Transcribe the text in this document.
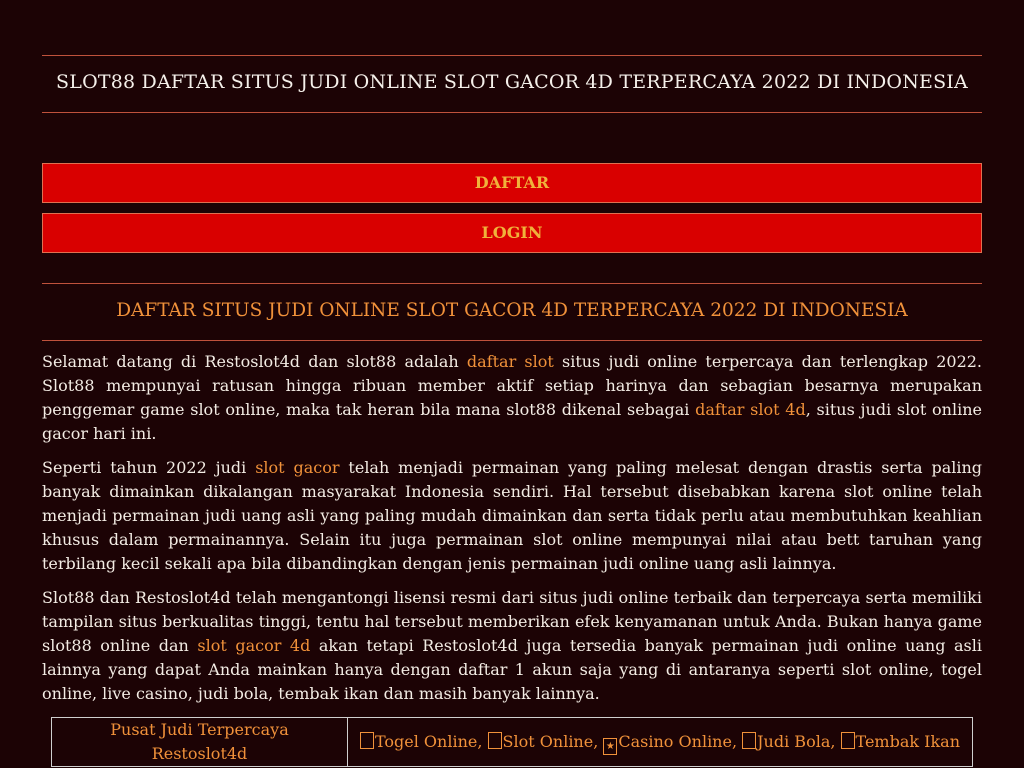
SLOT88 DAFTAR SITUS JUDI ONLINE SLOT GACOR 4D TERPERCAYA 2022 DI INDONESIA
DAFTAR
LOGIN
DAFTAR SITUS JUDI ONLINE SLOT GACOR 4D TERPERCAYA 2022 DI INDONESIA

Selamat datang di Restoslot4d dan slot88 adalah daftar slot situs judi online terpercaya dan terlengkap 2022. Slot88 mempunyai ratusan hingga ribuan member aktif setiap harinya dan sebagian besarnya merupakan penggemar game slot online, maka tak heran bila mana slot88 dikenal sebagai daftar slot 4d, situs judi slot online gacor hari ini.

Seperti tahun 2022 judi slot gacor telah menjadi permainan yang paling melesat dengan drastis serta paling banyak dimainkan dikalangan masyarakat Indonesia sendiri. Hal tersebut disebabkan karena slot online telah menjadi permainan judi uang asli yang paling mudah dimainkan dan serta tidak perlu atau membutuhkan keahlian khusus dalam permainannya. Selain itu juga permainan slot online mempunyai nilai atau bett taruhan yang terbilang kecil sekali apa bila dibandingkan dengan jenis permainan judi online uang asli lainnya.

Slot88 dan Restoslot4d telah mengantongi lisensi resmi dari situs judi online terbaik dan terpercaya serta memiliki tampilan situs berkualitas tinggi, tentu hal tersebut memberikan efek kenyamanan untuk Anda. Bukan hanya game slot88 online dan slot gacor 4d akan tetapi Restoslot4d juga tersedia banyak permainan judi online uang asli lainnya yang dapat Anda mainkan hanya dengan daftar 1 akun saja yang di antaranya seperti slot online, togel online, live casino, judi bola, tembak ikan dan masih banyak lainnya.

Pusat Judi Terpercaya Restoslot4d	Togel Online, Slot Online, ★ Casino Online, Judi Bola, Tembak Ikan
